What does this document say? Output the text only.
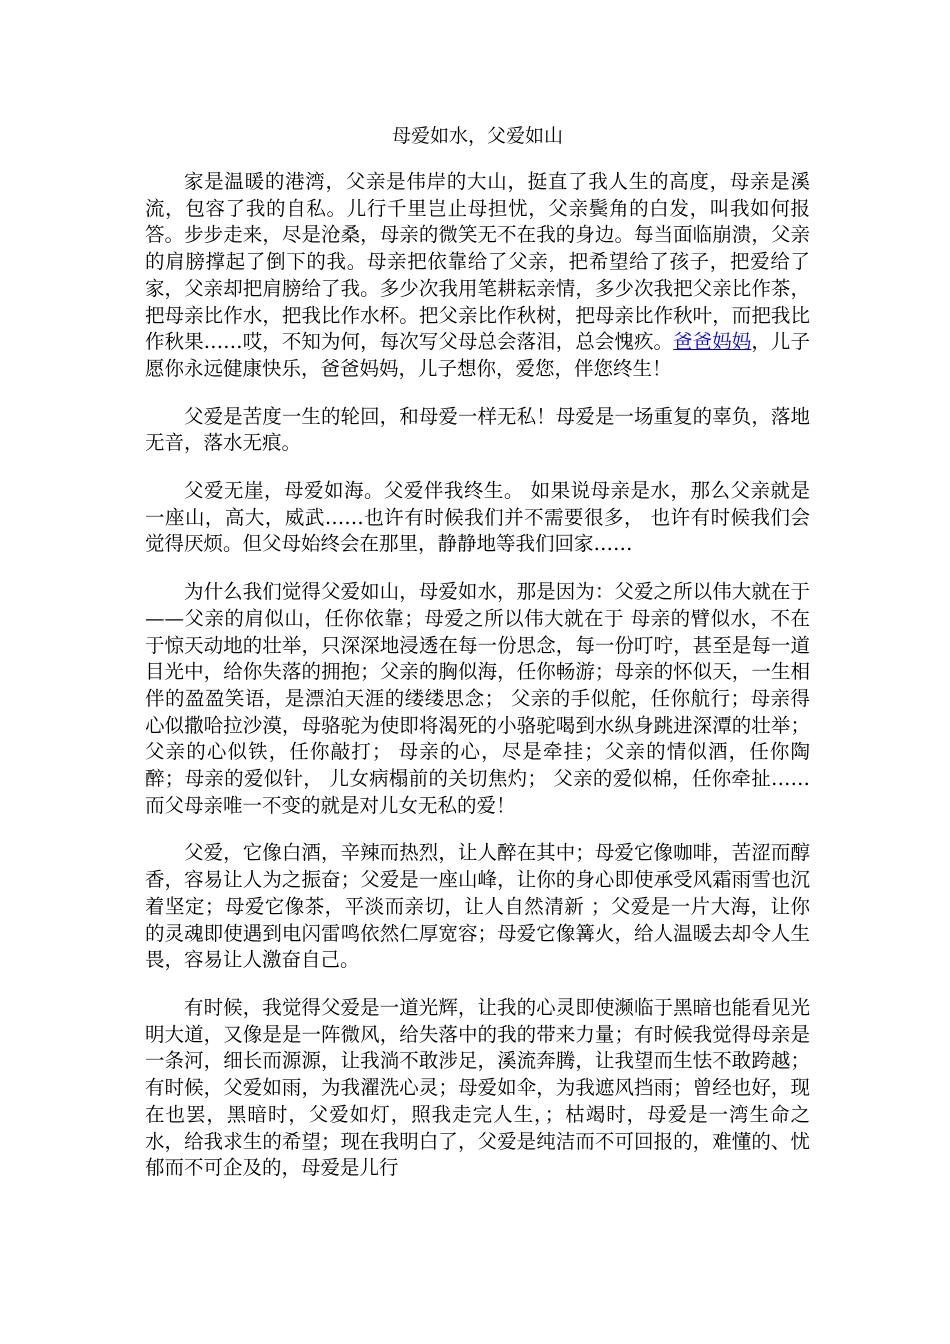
母爱如水，父爱如山

家是温暖的港湾，父亲是伟岸的大山，挺直了我人生的高度，母亲是溪流，包容了我的自私。儿行千里岂止母担忧，父亲鬓角的白发，叫我如何报答。步步走来，尽是沧桑，母亲的微笑无不在我的身边。每当面临崩溃，父亲的肩膀撑起了倒下的我。母亲把依靠给了父亲，把希望给了孩子，把爱给了家，父亲却把肩膀给了我。多少次我用笔耕耘亲情，多少次我把父亲比作茶，把母亲比作水，把我比作水杯。把父亲比作秋树，把母亲比作秋叶，而把我比作秋果……哎，不知为何，每次写父母总会落泪，总会愧疚。爸爸妈妈，儿子愿你永远健康快乐，爸爸妈妈，儿子想你，爱您，伴您终生！

父爱是苦度一生的轮回，和母爱一样无私！母爱是一场重复的辜负，落地无音，落水无痕。

父爱无崖，母爱如海。父爱伴我终生。 如果说母亲是水，那么父亲就是一座山，高大，威武……也许有时候我们并不需要很多， 也许有时候我们会觉得厌烦。但父母始终会在那里，静静地等我们回家……

为什么我们觉得父爱如山，母爱如水，那是因为：父爱之所以伟大就在于——父亲的肩似山，任你依靠；母爱之所以伟大就在于 母亲的臂似水，不在于惊天动地的壮举，只深深地浸透在每一份思念，每一份叮咛，甚至是每一道目光中，给你失落的拥抱；父亲的胸似海，任你畅游；母亲的怀似天，一生相伴的盈盈笑语，是漂泊天涯的缕缕思念； 父亲的手似舵，任你航行；母亲得心似撒哈拉沙漠，母骆驼为使即将渴死的小骆驼喝到水纵身跳进深潭的壮举； 父亲的心似铁，任你敲打； 母亲的心，尽是牵挂；父亲的情似酒，任你陶醉；母亲的爱似针， 儿女病榻前的关切焦灼； 父亲的爱似棉，任你牵扯…… 而父母亲唯一不变的就是对儿女无私的爱！

父爱，它像白酒，辛辣而热烈，让人醉在其中；母爱它像咖啡，苦涩而醇香，容易让人为之振奋；父爱是一座山峰，让你的身心即使承受风霜雨雪也沉着坚定；母爱它像茶，平淡而亲切，让人自然清新 ；父爱是一片大海，让你的灵魂即使遇到电闪雷鸣依然仁厚宽容；母爱它像篝火，给人温暖去却令人生畏，容易让人激奋自己。

有时候，我觉得父爱是一道光辉，让我的心灵即使濒临于黑暗也能看见光明大道，又像是是一阵微风，给失落中的我的带来力量；有时候我觉得母亲是一条河，细长而源源，让我淌不敢涉足，溪流奔腾，让我望而生怯不敢跨越；有时候，父爱如雨，为我濯洗心灵；母爱如伞，为我遮风挡雨；曾经也好，现在也罢，黑暗时，父爱如灯，照我走完人生，；枯竭时，母爱是一湾生命之水，给我求生的希望；现在我明白了，父爱是纯洁而不可回报的，难懂的、忧郁而不可企及的，母爱是儿行
